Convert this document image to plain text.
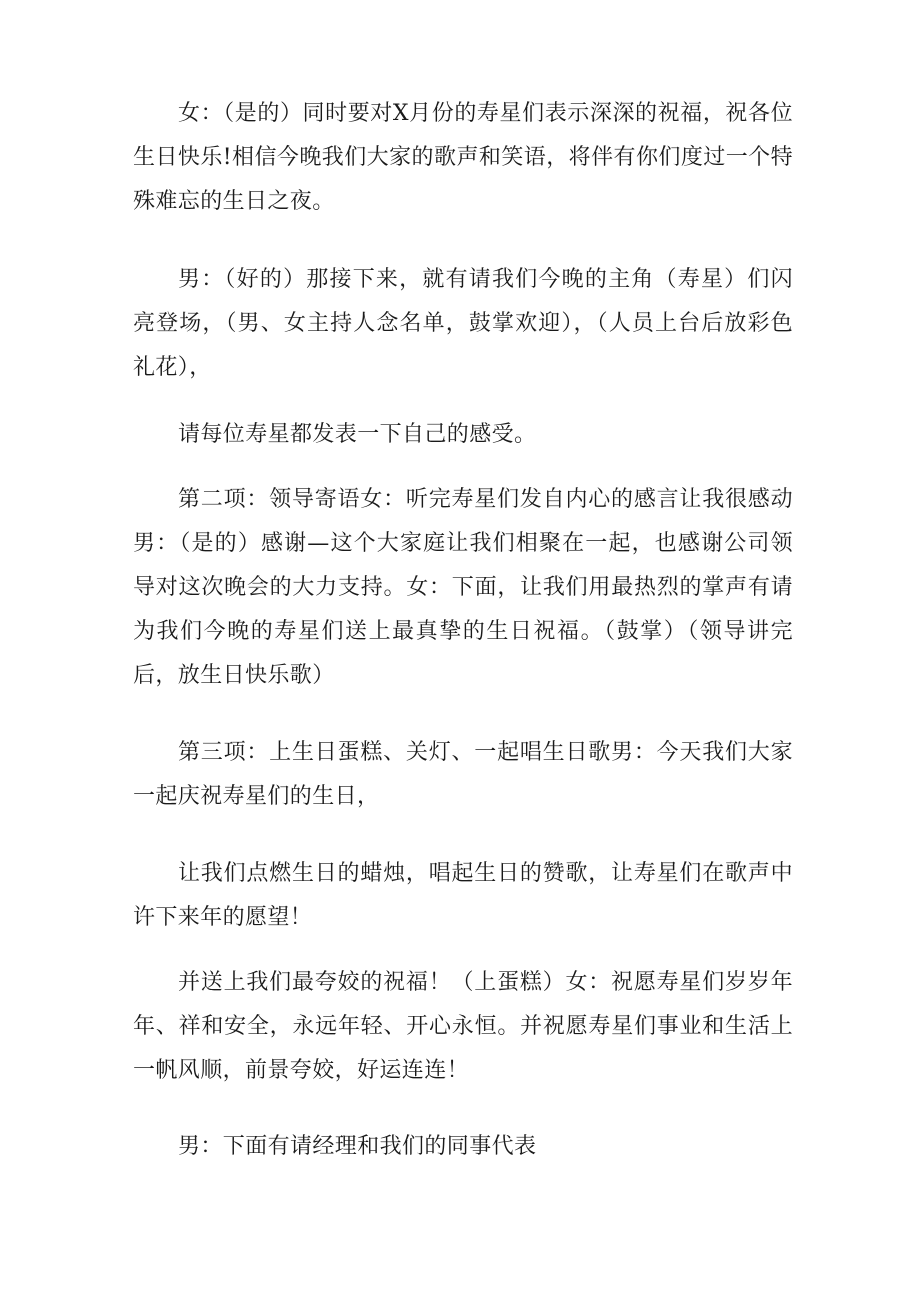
女：（是的）同时要对X月份的寿星们表示深深的祝福，祝各位生日快乐!相信今晚我们大家的歌声和笑语，将伴有你们度过一个特殊难忘的生日之夜。

男：（好的）那接下来，就有请我们今晚的主角（寿星）们闪亮登场，（男、女主持人念名单，鼓掌欢迎），（人员上台后放彩色礼花），

请每位寿星都发表一下自己的感受。

第二项：领导寄语女：听完寿星们发自内心的感言让我很感动男：（是的）感谢—这个大家庭让我们相聚在一起，也感谢公司领导对这次晚会的大力支持。女：下面，让我们用最热烈的掌声有请为我们今晚的寿星们送上最真挚的生日祝福。（鼓掌）（领导讲完后，放生日快乐歌）

第三项：上生日蛋糕、关灯、一起唱生日歌男：今天我们大家一起庆祝寿星们的生日，

让我们点燃生日的蜡烛，唱起生日的赞歌，让寿星们在歌声中许下来年的愿望！

并送上我们最夸姣的祝福！（上蛋糕）女：祝愿寿星们岁岁年年、祥和安全，永远年轻、开心永恒。并祝愿寿星们事业和生活上一帆风顺，前景夸姣，好运连连！

男：下面有请经理和我们的同事代表
